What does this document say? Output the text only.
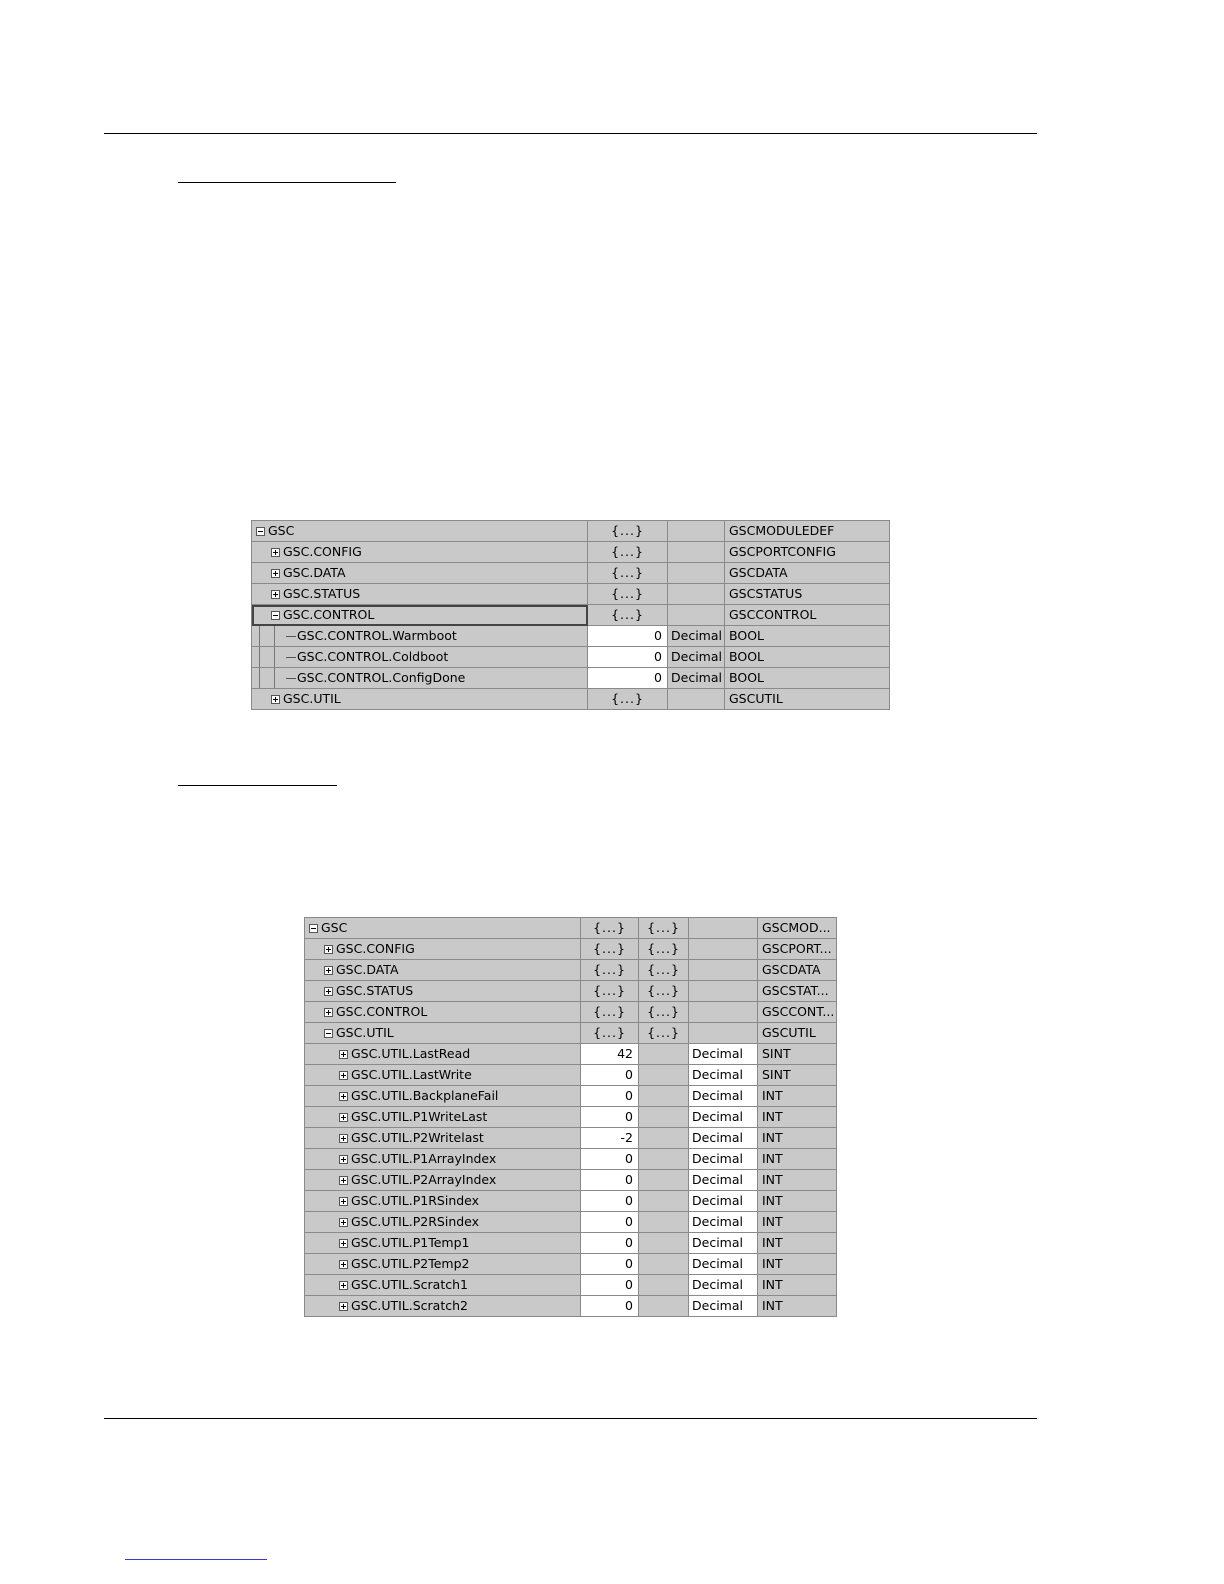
GSC	{...}		GSCMODULEDEF
GSC.CONFIG	{...}		GSCPORTCONFIG
GSC.DATA	{...}		GSCDATA
GSC.STATUS	{...}		GSCSTATUS
GSC.CONTROL	{...}		GSCCONTROL
GSC.CONTROL.Warmboot	0	Decimal	BOOL
GSC.CONTROL.Coldboot	0	Decimal	BOOL
GSC.CONTROL.ConfigDone	0	Decimal	BOOL
GSC.UTIL	{...}		GSCUTIL
GSC	{...}	{...}		GSCMOD...
GSC.CONFIG	{...}	{...}		GSCPORT...
GSC.DATA	{...}	{...}		GSCDATA
GSC.STATUS	{...}	{...}		GSCSTAT...
GSC.CONTROL	{...}	{...}		GSCCONT...
GSC.UTIL	{...}	{...}		GSCUTIL
GSC.UTIL.LastRead	42		Decimal	SINT
GSC.UTIL.LastWrite	0		Decimal	SINT
GSC.UTIL.BackplaneFail	0		Decimal	INT
GSC.UTIL.P1WriteLast	0		Decimal	INT
GSC.UTIL.P2Writelast	-2		Decimal	INT
GSC.UTIL.P1ArrayIndex	0		Decimal	INT
GSC.UTIL.P2ArrayIndex	0		Decimal	INT
GSC.UTIL.P1RSindex	0		Decimal	INT
GSC.UTIL.P2RSindex	0		Decimal	INT
GSC.UTIL.P1Temp1	0		Decimal	INT
GSC.UTIL.P2Temp2	0		Decimal	INT
GSC.UTIL.Scratch1	0		Decimal	INT
GSC.UTIL.Scratch2	0		Decimal	INT
